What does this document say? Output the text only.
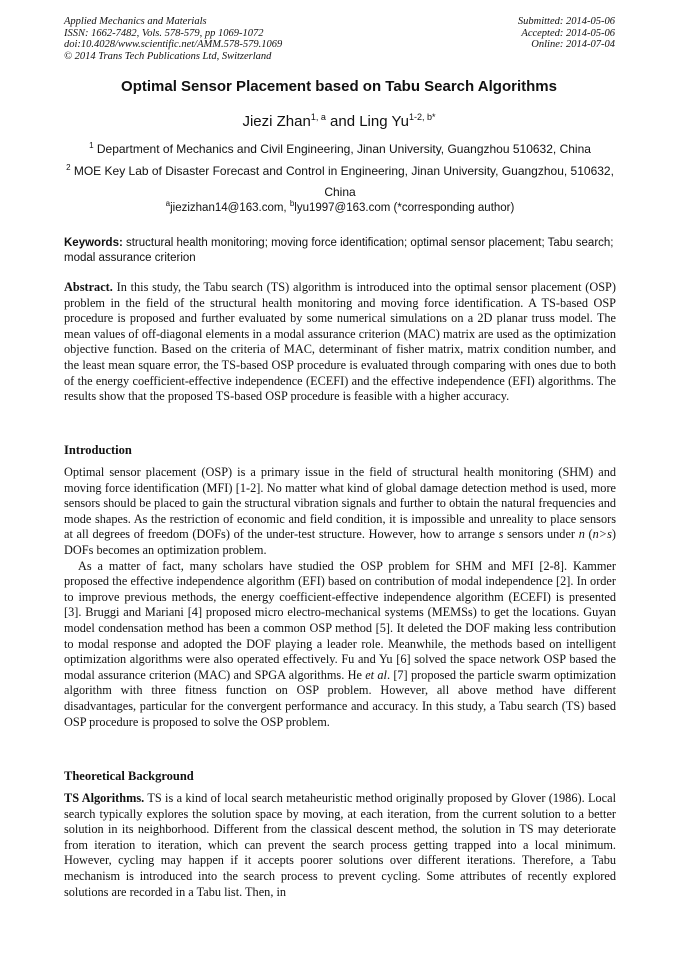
Applied Mechanics and Materials
ISSN: 1662-7482, Vols. 578-579, pp 1069-1072
doi:10.4028/www.scientific.net/AMM.578-579.1069
© 2014 Trans Tech Publications Ltd, Switzerland
Submitted: 2014-05-06
Accepted: 2014-05-06
Online: 2014-07-04
Optimal Sensor Placement based on Tabu Search Algorithms
Jiezi Zhan$^{1, a}$ and Ling $Yu^{1-2, b*}$
$^1$ Department of Mechanics and Civil Engineering, Jinan University, Guangzhou 510632, China
$^2$ MOE Key Lab of Disaster Forecast and Control in Engineering, Jinan University, Guangzhou, 510632, China
$^a$jiezizhan14@163.com, $^b$lyu1997@163.com (*corresponding author)
Keywords: structural health monitoring; moving force identification; optimal sensor placement; Tabu search; modal assurance criterion
Abstract. In this study, the Tabu search (TS) algorithm is introduced into the optimal sensor placement (OSP) problem in the field of the structural health monitoring and moving force identification. A TS-based OSP procedure is proposed and further evaluated by some numerical simulations on a 2D planar truss model. The mean values of off-diagonal elements in a modal assurance criterion (MAC) matrix are used as the optimization objective function. Based on the criteria of MAC, determinant of fisher matrix, matrix condition number, and the least mean square error, the TS-based OSP procedure is evaluated through comparing with ones due to both of the energy coefficient-effective independence (ECEFI) and the effective independence (EFI) algorithms. The results show that the proposed TS-based OSP procedure is feasible with a higher accuracy.
Introduction

Optimal sensor placement (OSP) is a primary issue in the field of structural health monitoring (SHM) and moving force identification (MFI) [1-2]. No matter what kind of global damage detection method is used, more sensors should be placed to gain the structural vibration signals and further to obtain the natural frequencies and mode shapes. As the restriction of economic and field condition, it is impossible and unreality to place sensors at all degrees of freedom (DOFs) of the under-test structure. However, how to arrange s sensors under n (n>s) DOFs becomes an optimization problem.

As a matter of fact, many scholars have studied the OSP problem for SHM and MFI [2-8]. Kammer proposed the effective independence algorithm (EFI) based on contribution of modal independence [2]. In order to improve previous methods, the energy coefficient-effective independence algorithm (ECEFI) is presented [3]. Bruggi and Mariani [4] proposed micro electro-mechanical systems (MEMSs) to get the locations. Guyan model condensation method has been a common OSP method [5]. It deleted the DOF making less contribution to modal response and adopted the DOF playing a leader role. Meanwhile, the methods based on intelligent optimization algorithms were also operated effectively. Fu and Yu [6] solved the space network OSP based the modal assurance criterion (MAC) and SPGA algorithms. He et al. [7] proposed the particle swarm optimization algorithm with three fitness function on OSP problem. However, all above method have different disadvantages, particular for the convergent performance and accuracy. In this study, a Tabu search (TS) based OSP procedure is proposed to solve the OSP problem.

Theoretical Background
TS Algorithms. TS is a kind of local search metaheuristic method originally proposed by Glover (1986). Local search typically explores the solution space by moving, at each iteration, from the current solution to a better solution in its neighborhood. Different from the classical descent method, the solution in TS may deteriorate from iteration to iteration, which can prevent the search process getting trapped into a local minimum. However, cycling may happen if it accepts poorer solutions over different iterations. Therefore, a Tabu mechanism is introduced into the search process to prevent cycling. Some attributes of recently explored solutions are recorded in a Tabu list. Then, in
